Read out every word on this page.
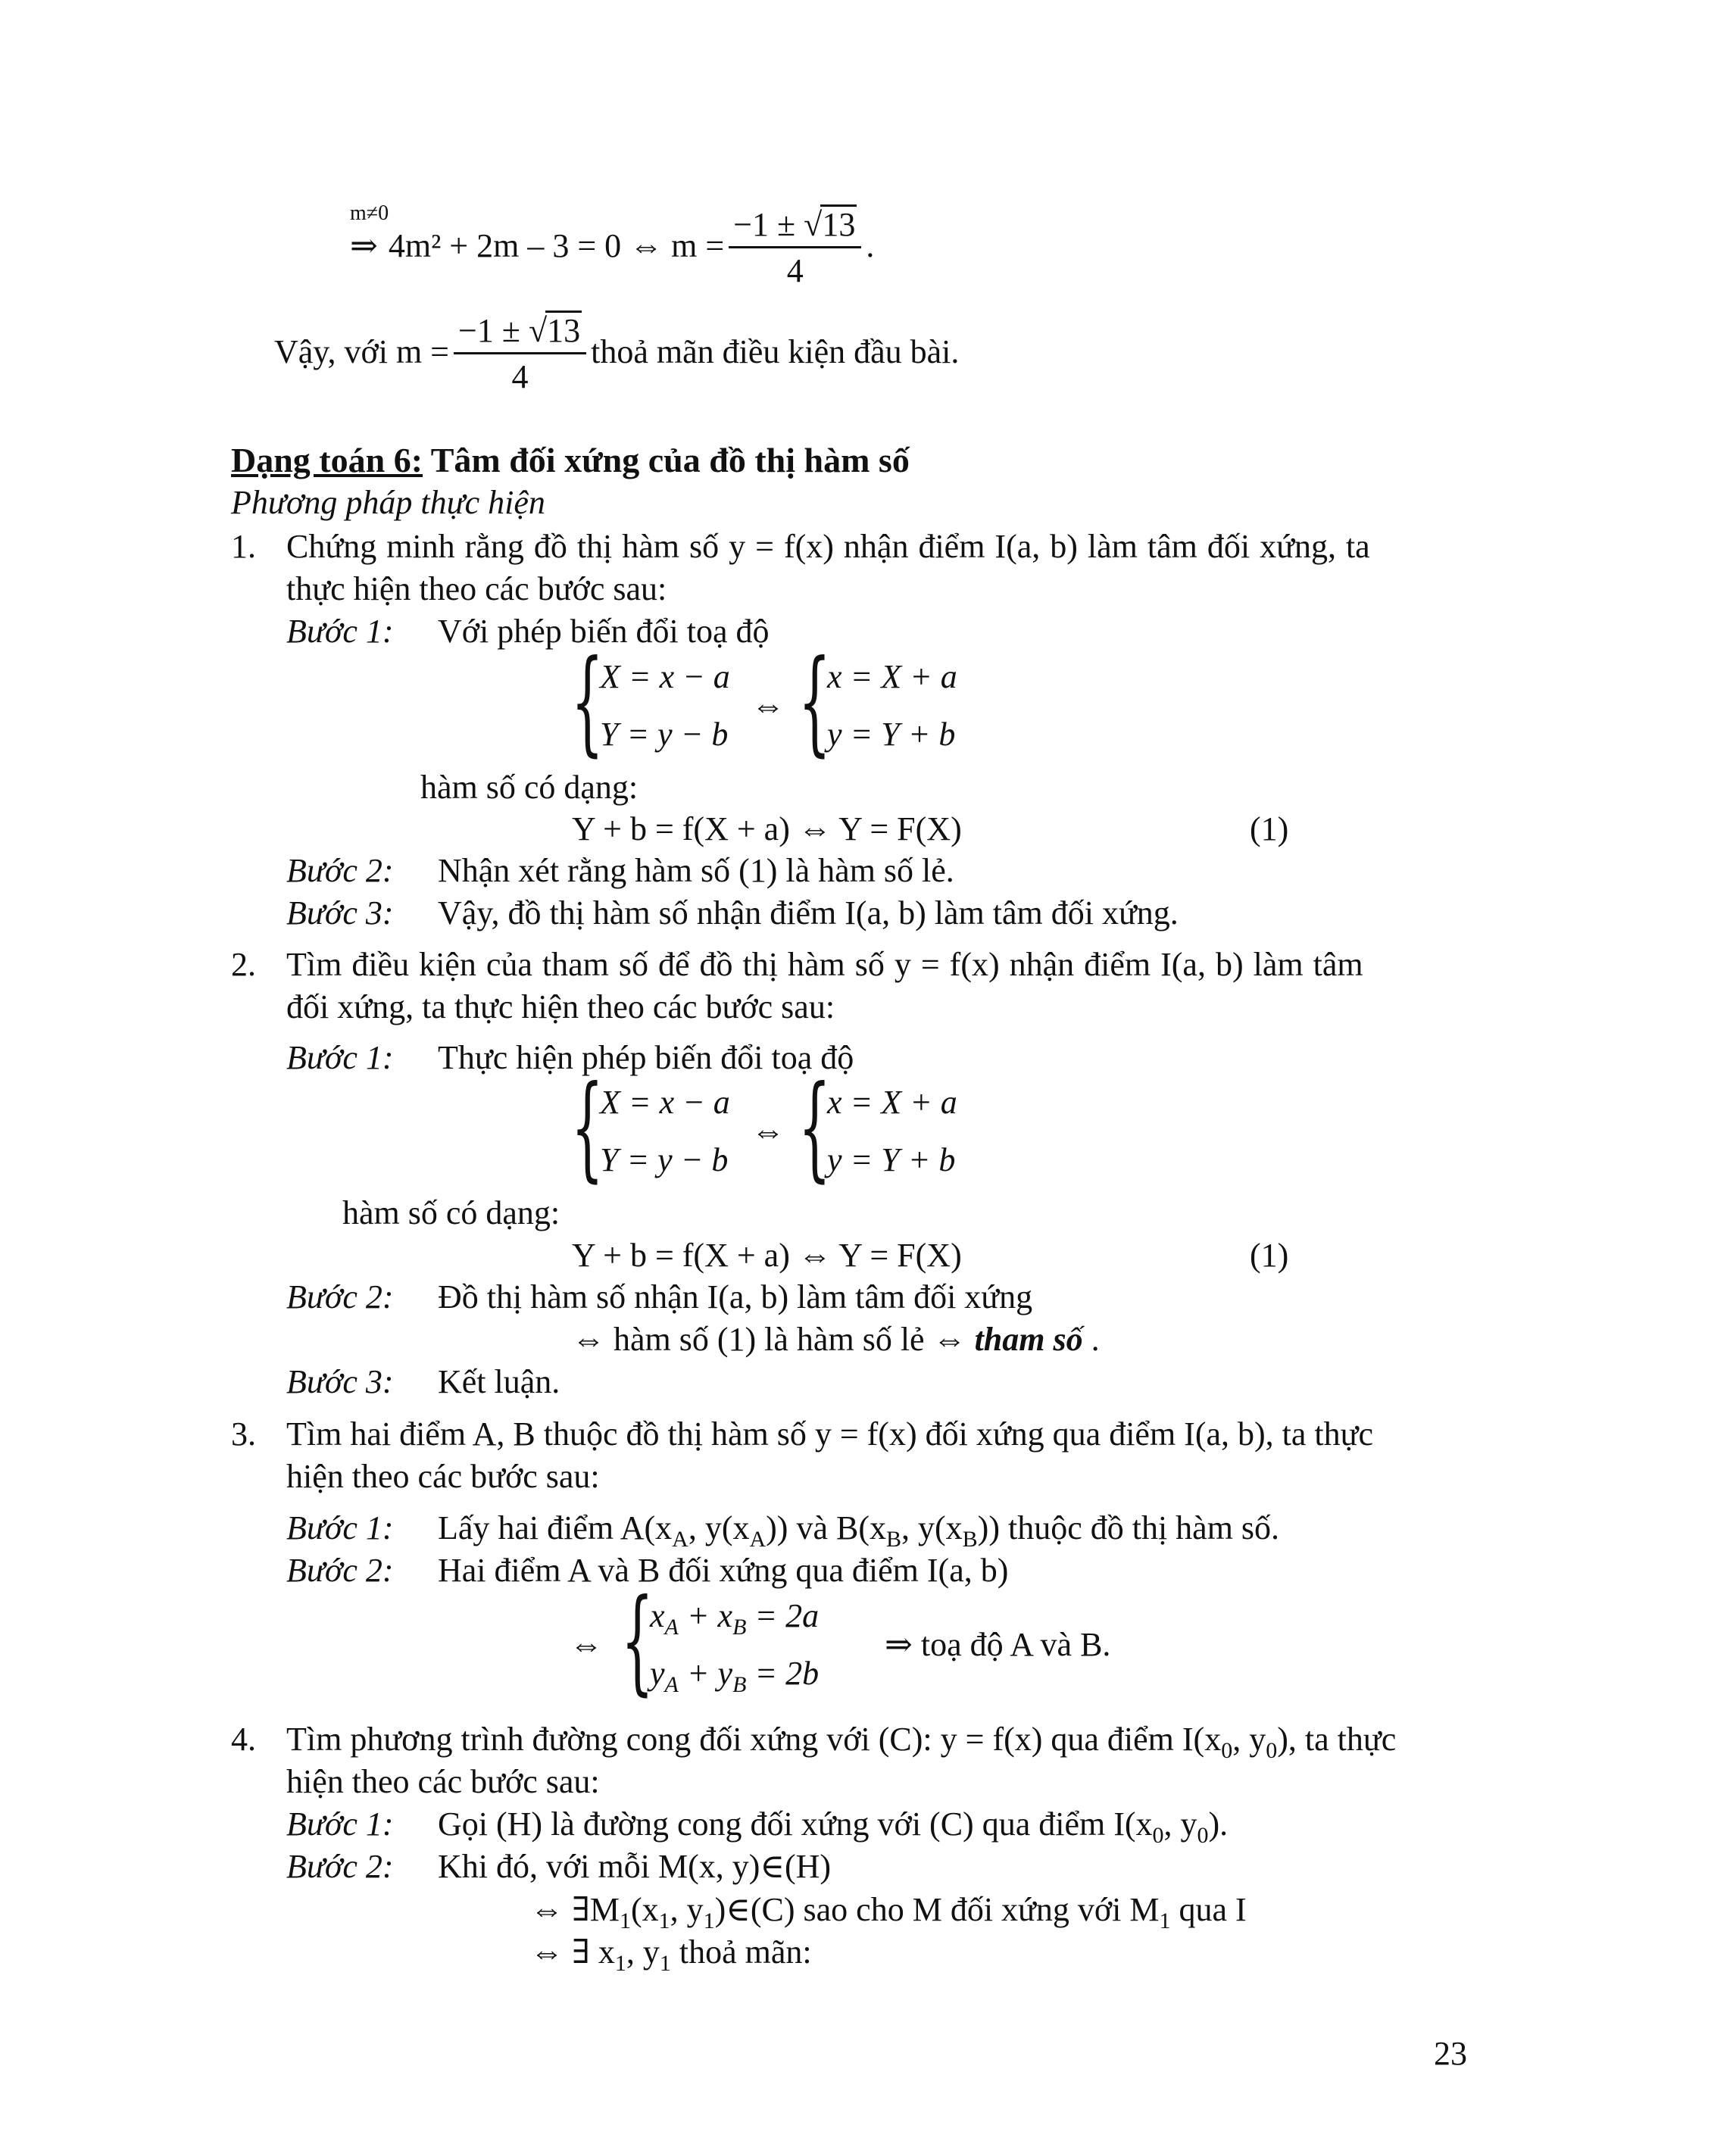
m≠0
⇒ 4m² + 2m – 3 = 0 ⇔ $m = \frac{-1 \pm √13}{4}$ .
Vậy, với $m = \frac{-1 \pm √13}{4}$ thoả mãn điều kiện đầu bài.
Dạng toán 6: Tâm đối xứng của đồ thị hàm số
Phương pháp thực hiện
1. Chứng minh rằng đồ thị hàm số y = f(x) nhận điểm I(a, b) làm tâm đối xứng, ta
thực hiện theo các bước sau:
Bước 1: Với phép biến đổi toạ độ
{
X = x − a
Y = y − b
⇔ {
x = X + a
y = Y + b
hàm số có dạng:
Y + b = f(X + a) ⇔ Y = F(X)	(1)
Bước 2: Nhận xét rằng hàm số (1) là hàm số lẻ.
Bước 3: Vậy, đồ thị hàm số nhận điểm I(a, b) làm tâm đối xứng.
2. Tìm điều kiện của tham số để đồ thị hàm số y = f(x) nhận điểm I(a, b) làm tâm
đối xứng, ta thực hiện theo các bước sau:
Bước 1: Thực hiện phép biến đổi toạ độ
{
X = x − a
Y = y − b
⇔ {
x = X + a
y = Y + b
hàm số có dạng:
Y + b = f(X + a) ⇔ Y = F(X)	(1)
Bước 2: Đồ thị hàm số nhận I(a, b) làm tâm đối xứng
⇔ hàm số (1) là hàm số lẻ ⇔ tham số .
Bước 3: Kết luận.
3. Tìm hai điểm A, B thuộc đồ thị hàm số y = f(x) đối xứng qua điểm I(a, b), ta thực
hiện theo các bước sau:
Bước 1: Lấy hai điểm $A(x_A$, $y(x_A)$) và $B(x_B$, $y(x_B)$) thuộc đồ thị hàm số.
Bước 2: Hai điểm A và B đối xứng qua điểm I(a, b)
⇔ {
$x_A + x_B = 2a$
$y_A + y_B = 2b$
⇒ toạ độ A và B.
4. Tìm phương trình đường cong đối xứng với (C): y = f(x) qua điểm $I(x_0$, $y_0$), ta thực
hiện theo các bước sau:
Bước 1: Gọi (H) là đường cong đối xứng với (C) qua điểm $I(x_0$, $y_0$).
Bước 2: Khi đó, với mỗi M(x, y)∈(H)
⇔ $\exists M_1(x_1$, $y_1)\in(C)$ sao cho M đối xứng với $M_1$ qua I
⇔ ∃ $x_1$, $y_1$ thoả mãn:
23
